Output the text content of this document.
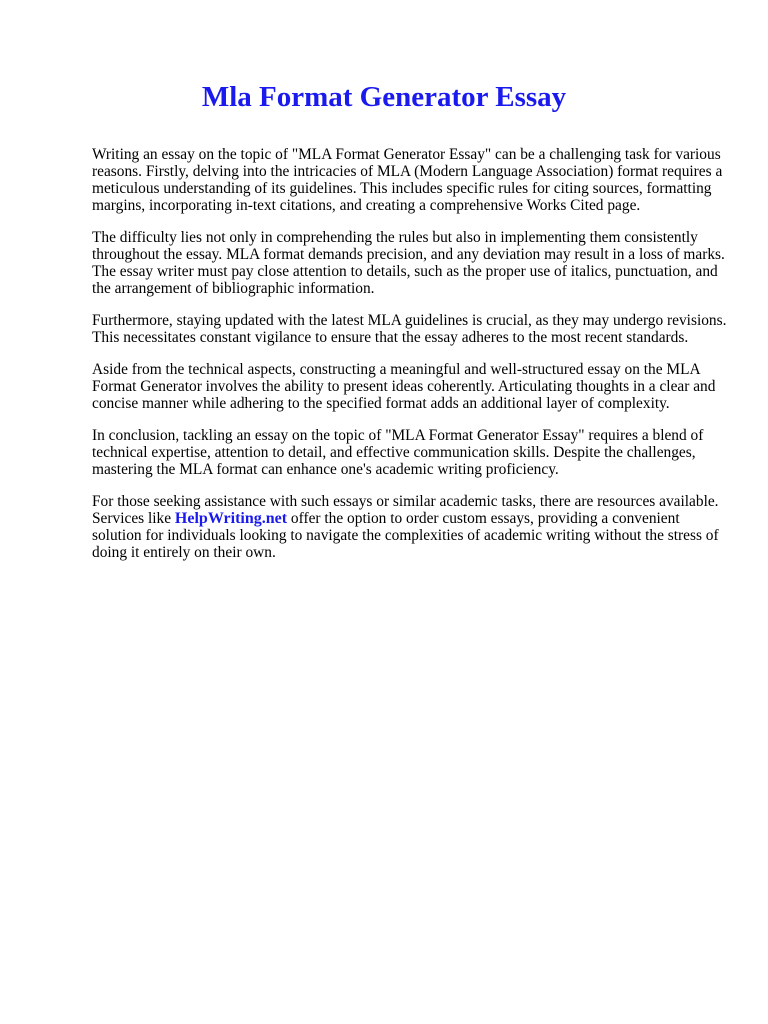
Mla Format Generator Essay

Writing an essay on the topic of "MLA Format Generator Essay" can be a challenging task for various reasons. Firstly, delving into the intricacies of MLA (Modern Language Association) format requires a meticulous understanding of its guidelines. This includes specific rules for citing sources, formatting margins, incorporating in-text citations, and creating a comprehensive Works Cited page.

The difficulty lies not only in comprehending the rules but also in implementing them consistently throughout the essay. MLA format demands precision, and any deviation may result in a loss of marks. The essay writer must pay close attention to details, such as the proper use of italics, punctuation, and the arrangement of bibliographic information.

Furthermore, staying updated with the latest MLA guidelines is crucial, as they may undergo revisions. This necessitates constant vigilance to ensure that the essay adheres to the most recent standards.

Aside from the technical aspects, constructing a meaningful and well-structured essay on the MLA Format Generator involves the ability to present ideas coherently. Articulating thoughts in a clear and concise manner while adhering to the specified format adds an additional layer of complexity.

In conclusion, tackling an essay on the topic of "MLA Format Generator Essay" requires a blend of technical expertise, attention to detail, and effective communication skills. Despite the challenges, mastering the MLA format can enhance one's academic writing proficiency.

For those seeking assistance with such essays or similar academic tasks, there are resources available. Services like HelpWriting.net offer the option to order custom essays, providing a convenient solution for individuals looking to navigate the complexities of academic writing without the stress of doing it entirely on their own.
